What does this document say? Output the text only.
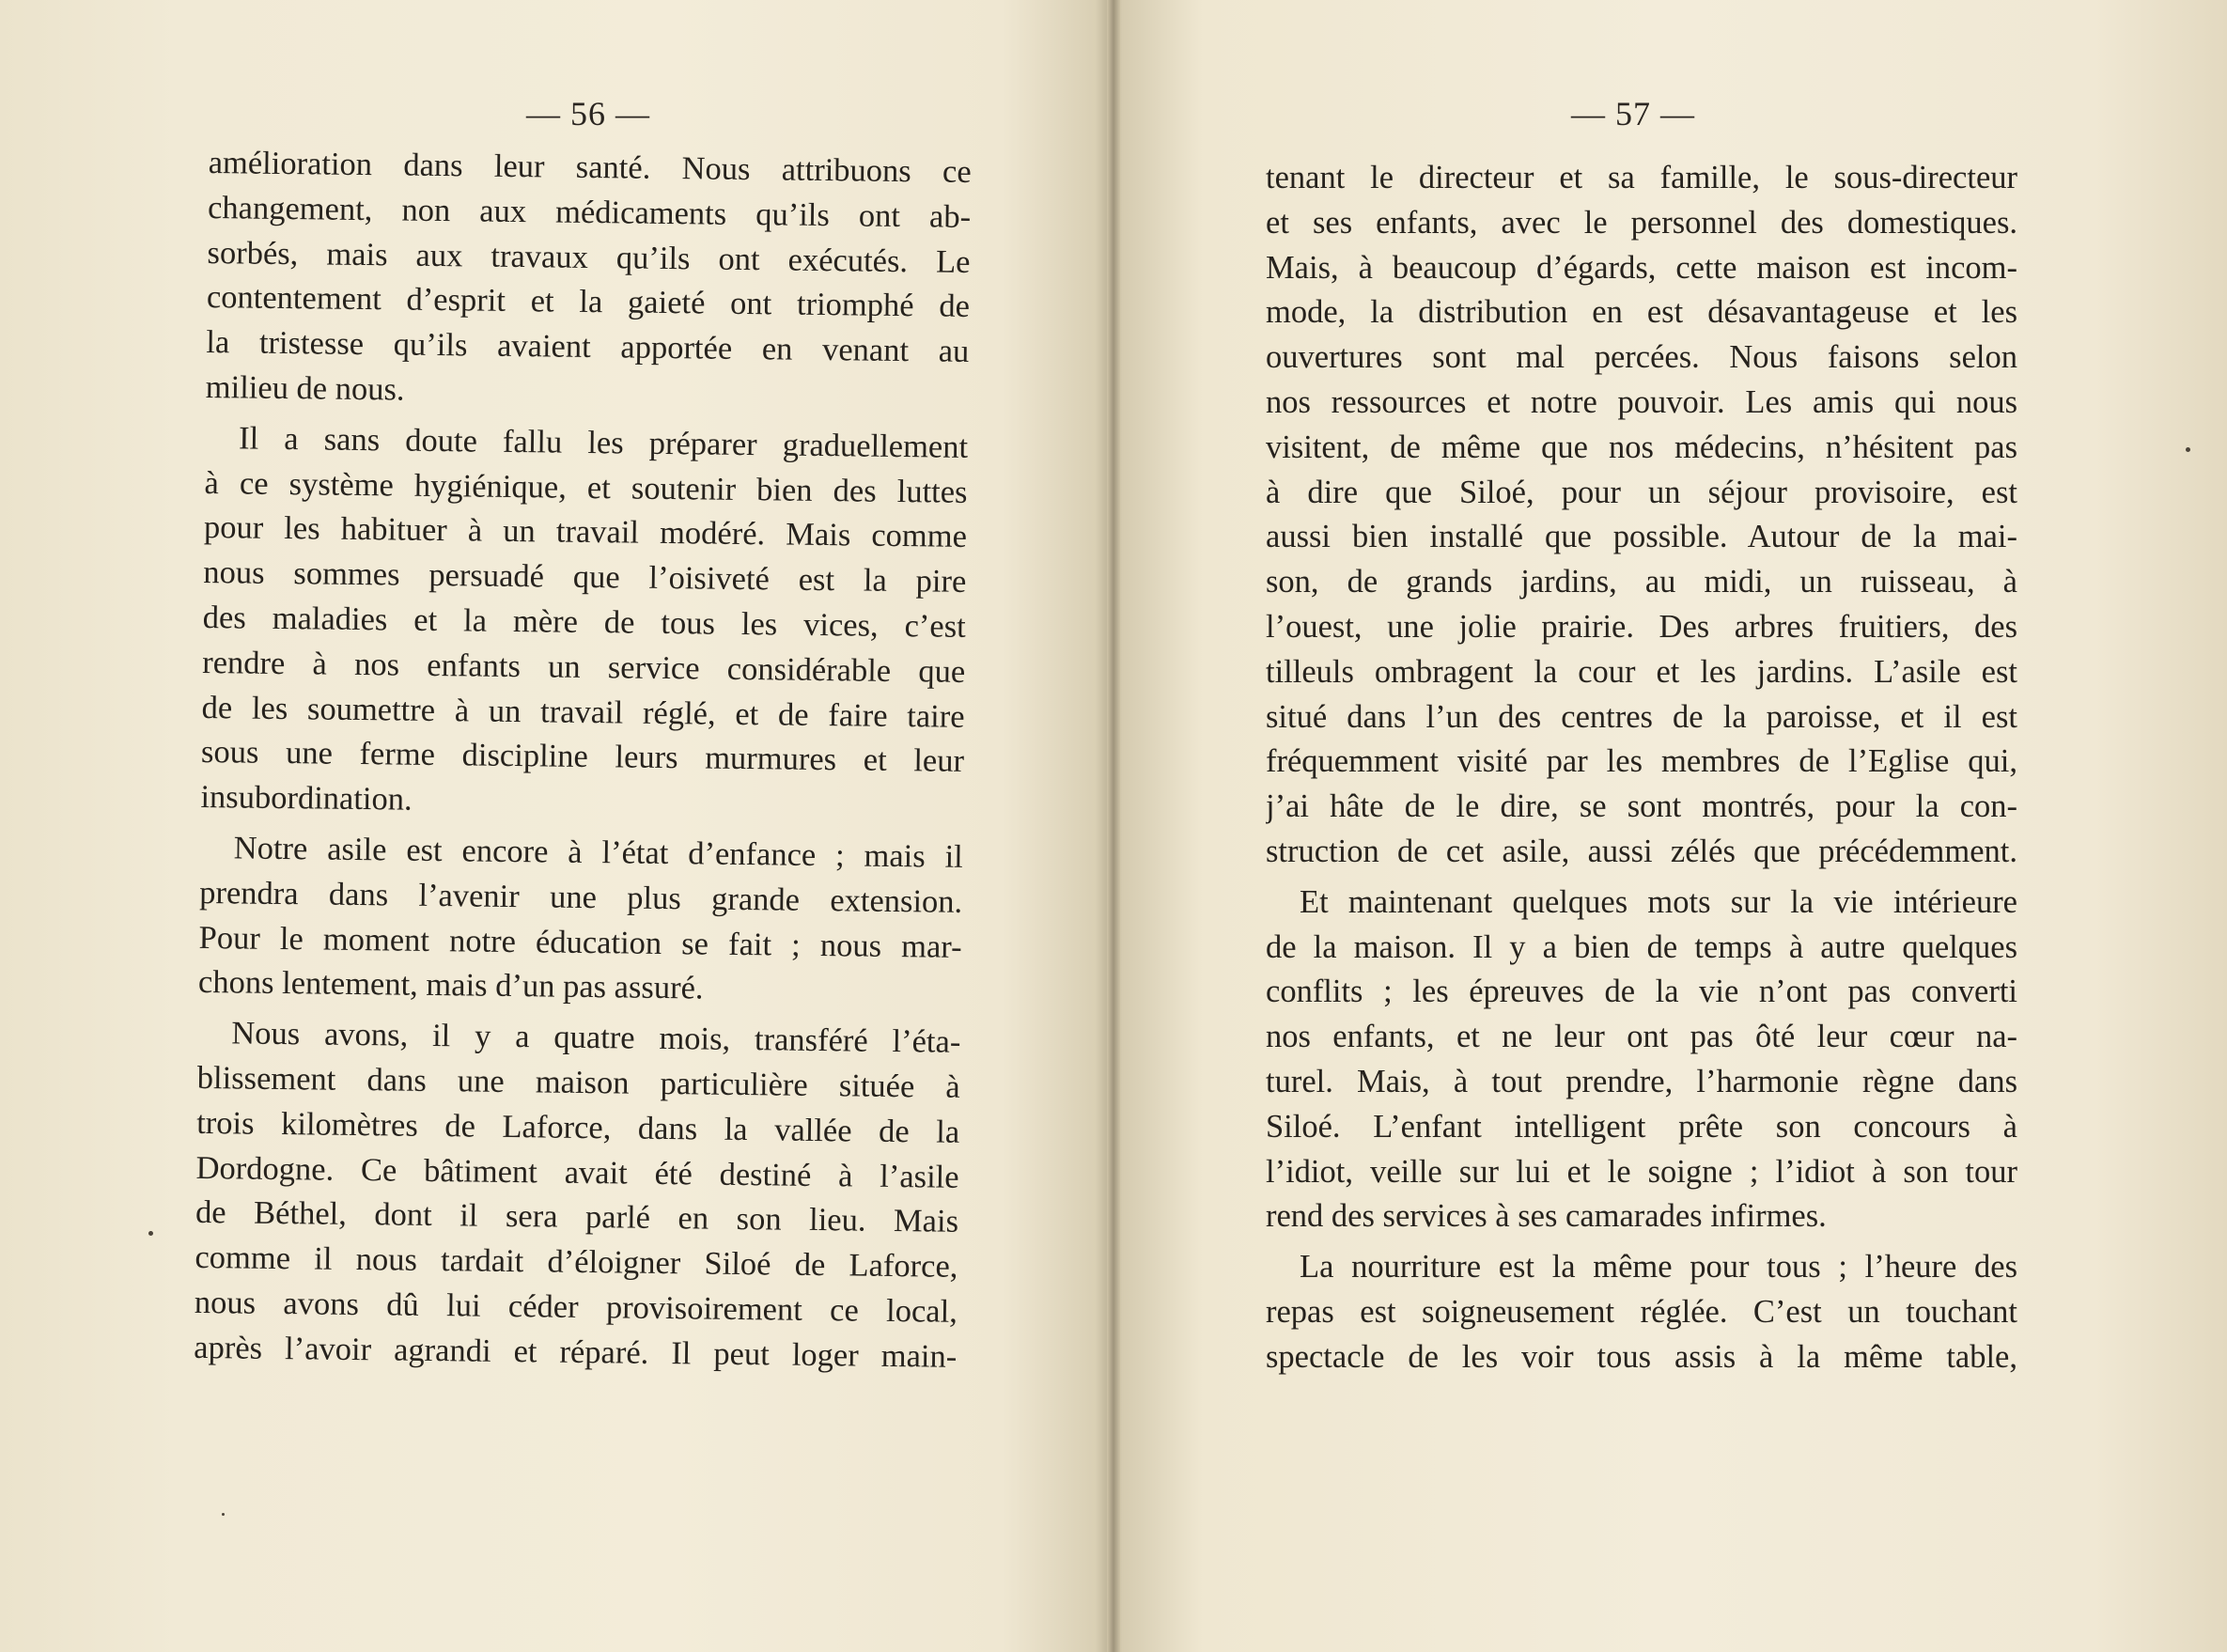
— 56 —
amélioration dans leur santé. Nous attribuons ce
changement, non aux médicaments qu’ils ont ab-
sorbés, mais aux travaux qu’ils ont exécutés. Le
contentement d’esprit et la gaieté ont triomphé de
la tristesse qu’ils avaient apportée en venant au
milieu de nous.
Il a sans doute fallu les préparer graduellement
à ce système hygiénique, et soutenir bien des luttes
pour les habituer à un travail modéré. Mais comme
nous sommes persuadé que l’oisiveté est la pire
des maladies et la mère de tous les vices, c’est
rendre à nos enfants un service considérable que
de les soumettre à un travail réglé, et de faire taire
sous une ferme discipline leurs murmures et leur
insubordination.
Notre asile est encore à l’état d’enfance ; mais il
prendra dans l’avenir une plus grande extension.
Pour le moment notre éducation se fait ; nous mar-
chons lentement, mais d’un pas assuré.
Nous avons, il y a quatre mois, transféré l’éta-
blissement dans une maison particulière située à
trois kilomètres de Laforce, dans la vallée de la
Dordogne. Ce bâtiment avait été destiné à l’asile
de Béthel, dont il sera parlé en son lieu. Mais
comme il nous tardait d’éloigner Siloé de Laforce,
nous avons dû lui céder provisoirement ce local,
après l’avoir agrandi et réparé. Il peut loger main-
— 57 —
tenant le directeur et sa famille, le sous-directeur
et ses enfants, avec le personnel des domestiques.
Mais, à beaucoup d’égards, cette maison est incom-
mode, la distribution en est désavantageuse et les
ouvertures sont mal percées. Nous faisons selon
nos ressources et notre pouvoir. Les amis qui nous
visitent, de même que nos médecins, n’hésitent pas
à dire que Siloé, pour un séjour provisoire, est
aussi bien installé que possible. Autour de la mai-
son, de grands jardins, au midi, un ruisseau, à
l’ouest, une jolie prairie. Des arbres fruitiers, des
tilleuls ombragent la cour et les jardins. L’asile est
situé dans l’un des centres de la paroisse, et il est
fréquemment visité par les membres de l’Eglise qui,
j’ai hâte de le dire, se sont montrés, pour la con-
struction de cet asile, aussi zélés que précédemment.
Et maintenant quelques mots sur la vie intérieure
de la maison. Il y a bien de temps à autre quelques
conflits ; les épreuves de la vie n’ont pas converti
nos enfants, et ne leur ont pas ôté leur cœur na-
turel. Mais, à tout prendre, l’harmonie règne dans
Siloé. L’enfant intelligent prête son concours à
l’idiot, veille sur lui et le soigne ; l’idiot à son tour
rend des services à ses camarades infirmes.
La nourriture est la même pour tous ; l’heure des
repas est soigneusement réglée. C’est un touchant
spectacle de les voir tous assis à la même table,
